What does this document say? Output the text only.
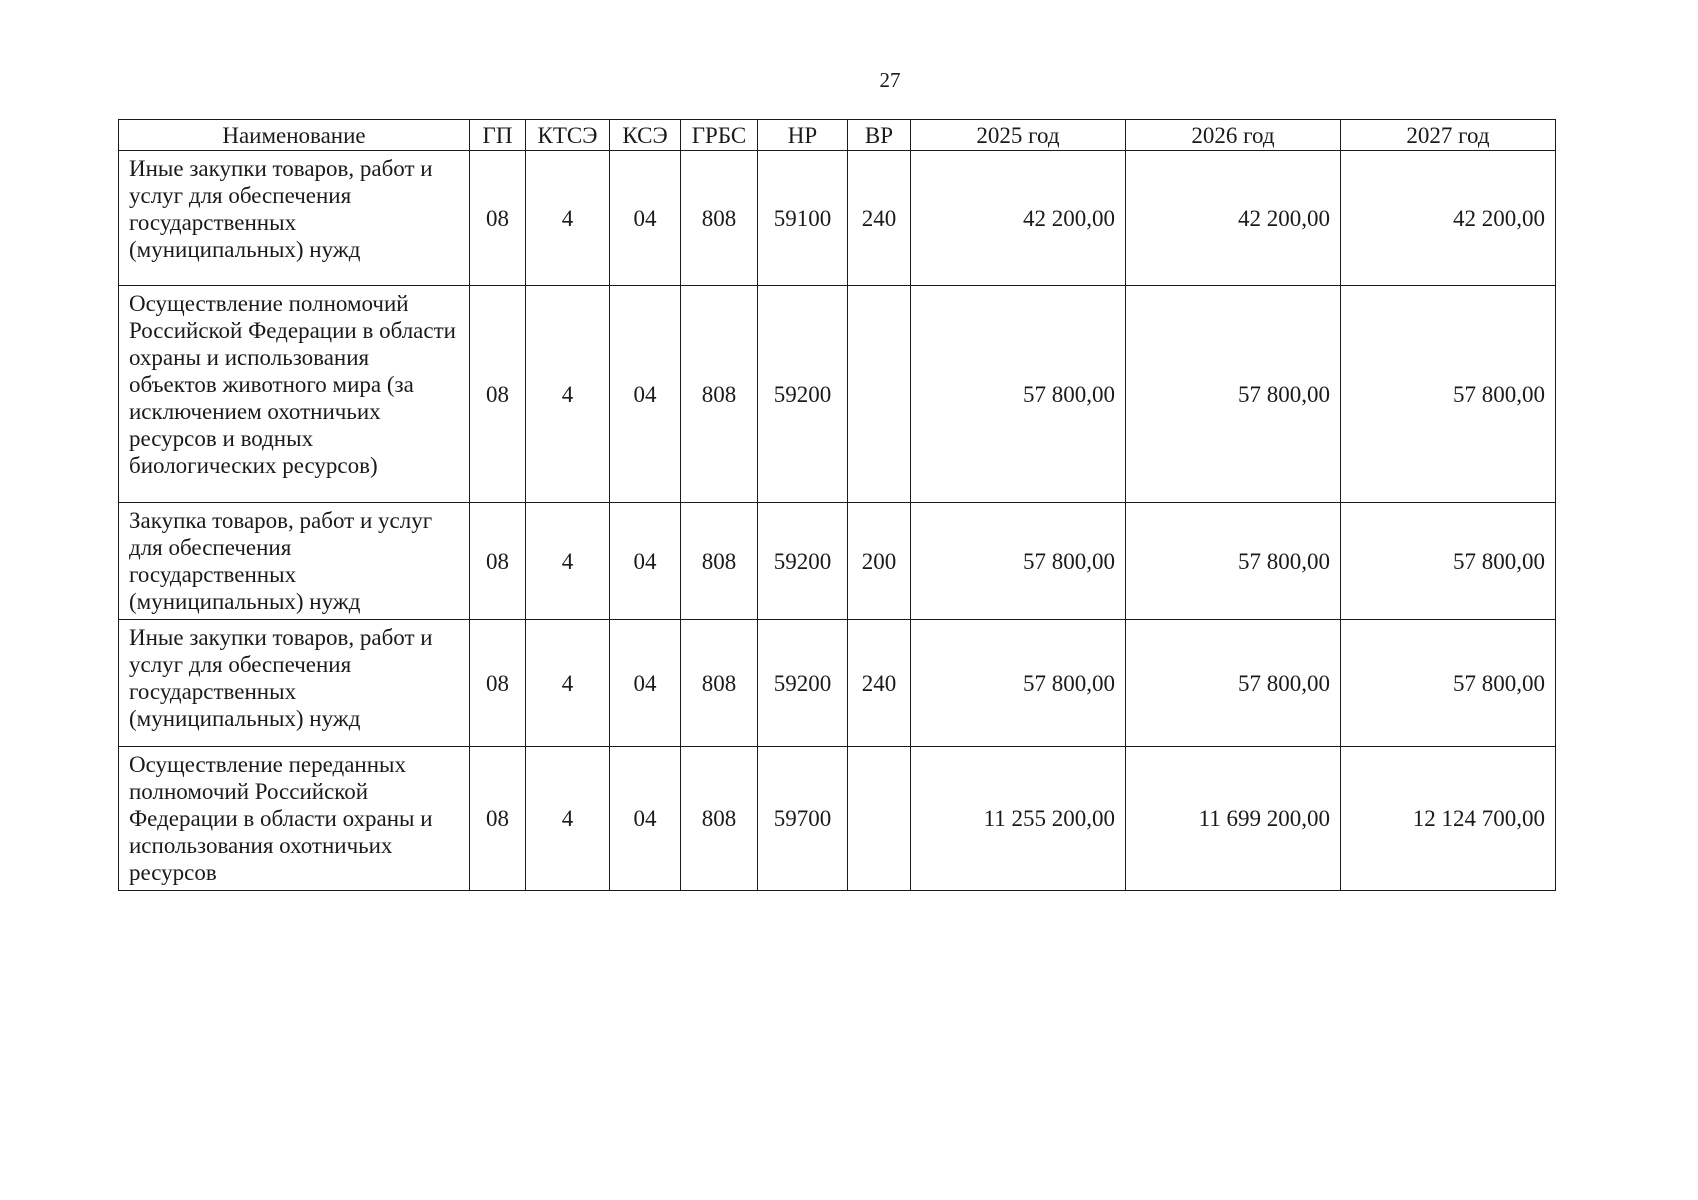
27
Наименование	ГП	КТСЭ	КСЭ	ГРБС	НР	ВР	2025 год	2026 год	2027 год
Иные закупки товаров, работ и услуг для обеспечения государственных (муниципальных) нужд	08	4	04	808	59100	240	42 200,00	42 200,00	42 200,00
Осуществление полномочий Российской Федерации в области охраны и использования объектов животного мира (за исключением охотничьих ресурсов и водных биологических ресурсов)	08	4	04	808	59200		57 800,00	57 800,00	57 800,00
Закупка товаров, работ и услуг для обеспечения государственных (муниципальных) нужд	08	4	04	808	59200	200	57 800,00	57 800,00	57 800,00
Иные закупки товаров, работ и услуг для обеспечения государственных (муниципальных) нужд	08	4	04	808	59200	240	57 800,00	57 800,00	57 800,00
Осуществление переданных полномочий Российской Федерации в области охраны и использования охотничьих ресурсов	08	4	04	808	59700		11 255 200,00	11 699 200,00	12 124 700,00
